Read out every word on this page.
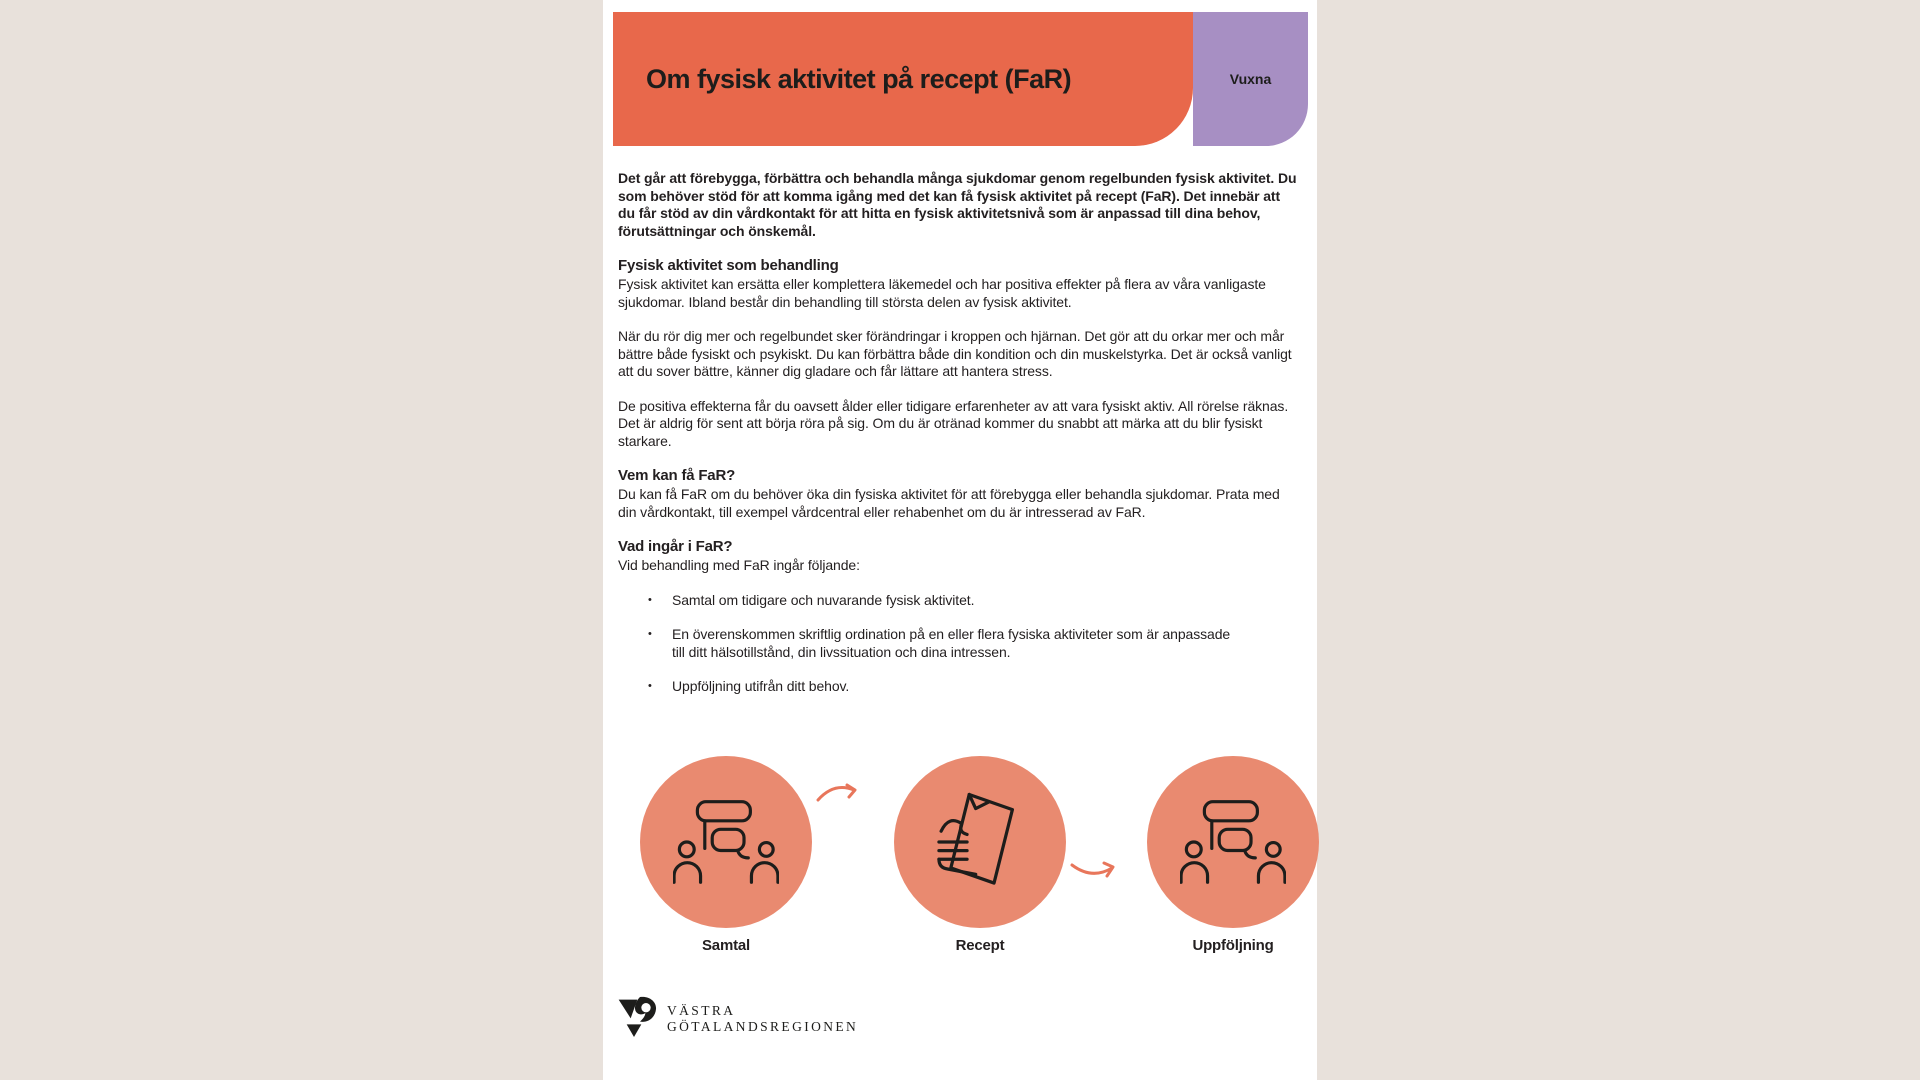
Om fysisk aktivitet på recept (FaR)	Vuxna

Det går att förebygga, förbättra och behandla många sjukdomar genom regelbunden fysisk aktivitet. Du som behöver stöd för att komma igång med det kan få fysisk aktivitet på recept (FaR). Det innebär att du får stöd av din vårdkontakt för att hitta en fysisk aktivitetsnivå som är anpassad till dina behov, förutsättningar och önskemål.

Fysisk aktivitet som behandling

Fysisk aktivitet kan ersätta eller komplettera läkemedel och har positiva effekter på flera av våra vanligaste sjukdomar. Ibland består din behandling till största delen av fysisk aktivitet.

När du rör dig mer och regelbundet sker förändringar i kroppen och hjärnan. Det gör att du orkar mer och mår bättre både fysiskt och psykiskt. Du kan förbättra både din kondition och din muskelstyrka. Det är också vanligt att du sover bättre, känner dig gladare och får lättare att hantera stress.

De positiva effekterna får du oavsett ålder eller tidigare erfarenheter av att vara fysiskt aktiv. All rörelse räknas. Det är aldrig för sent att börja röra på sig. Om du är otränad kommer du snabbt att märka att du blir fysiskt starkare.

Vem kan få FaR?

Du kan få FaR om du behöver öka din fysiska aktivitet för att förebygga eller behandla sjukdomar. Prata med din vårdkontakt, till exempel vårdcentral eller rehabenhet om du är intresserad av FaR.

Vad ingår i FaR?

Vid behandling med FaR ingår följande:

•	Samtal om tidigare och nuvarande fysisk aktivitet.
•	En överenskommen skriftlig ordination på en eller flera fysiska aktiviteter som är anpassade till ditt hälsotillstånd, din livssituation och dina intressen.
•	Uppföljning utifrån ditt behov.
Samtal	Recept	Uppföljning
VÄSTRA
GÖTALANDSREGIONEN
